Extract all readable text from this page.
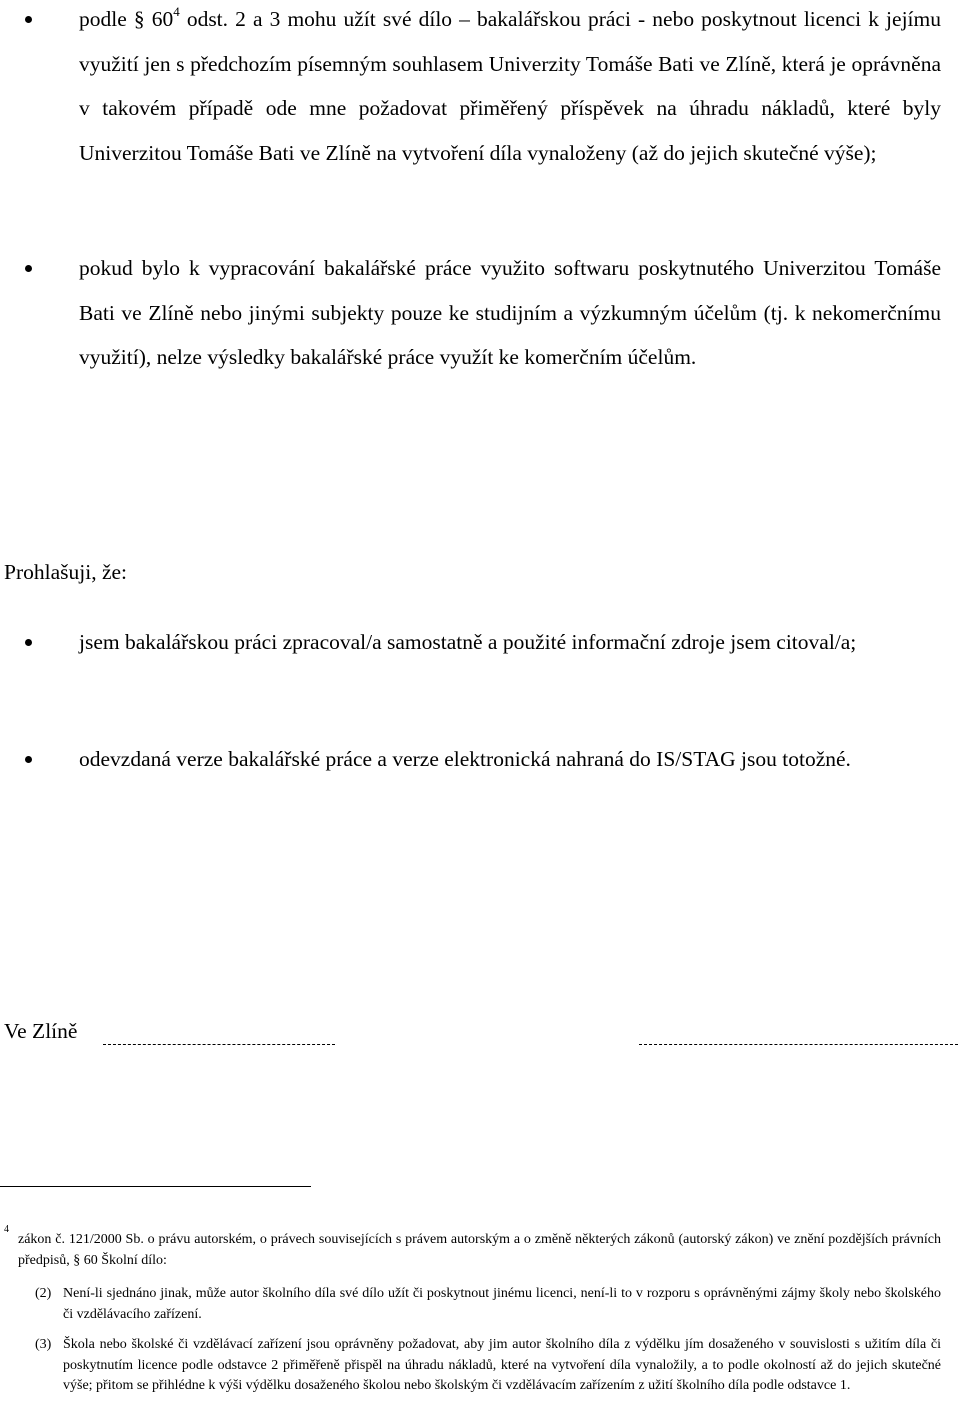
podle § $60^4$ odst. 2 a 3 mohu užít své dílo – bakalářskou práci - nebo poskytnout licenci k jejímu využití jen s předchozím písemným souhlasem Univerzity Tomáše Bati ve Zlíně, která je oprávněna v takovém případě ode mne požadovat přiměřený příspěvek na úhradu nákladů, které byly Univerzitou Tomáše Bati ve Zlíně na vytvoření díla vynaloženy (až do jejich skutečné výše);
pokud bylo k vypracování bakalářské práce využito softwaru poskytnutého Univerzitou Tomáše Bati ve Zlíně nebo jinými subjekty pouze ke studijním a výzkumným účelům (tj. k nekomerčnímu využití), nelze výsledky bakalářské práce využít ke komerčním účelům.
Prohlašuji, že:
jsem bakalářskou práci zpracoval/a samostatně a použité informační zdroje jsem citoval/a;
odevzdaná verze bakalářské práce a verze elektronická nahraná do IS/STAG jsou totožné.
Ve Zlíně
4
zákon č. 121/2000 Sb. o právu autorském, o právech souvisejících s právem autorským a o změně některých zákonů (autorský zákon) ve znění pozdějších právních předpisů, § 60 Školní dílo:
(2) Není-li sjednáno jinak, může autor školního díla své dílo užít či poskytnout jinému licenci, není-li to v rozporu s oprávněnými zájmy školy nebo školského či vzdělávacího zařízení.
(3) Škola nebo školské či vzdělávací zařízení jsou oprávněny požadovat, aby jim autor školního díla z výdělku jím dosaženého v souvislosti s užitím díla či poskytnutím licence podle odstavce 2 přiměřeně přispěl na úhradu nákladů, které na vytvoření díla vynaložily, a to podle okolností až do jejich skutečné výše; přitom se přihlédne k výši výdělku dosaženého školou nebo školským či vzdělávacím zařízením z užití školního díla podle odstavce 1.
